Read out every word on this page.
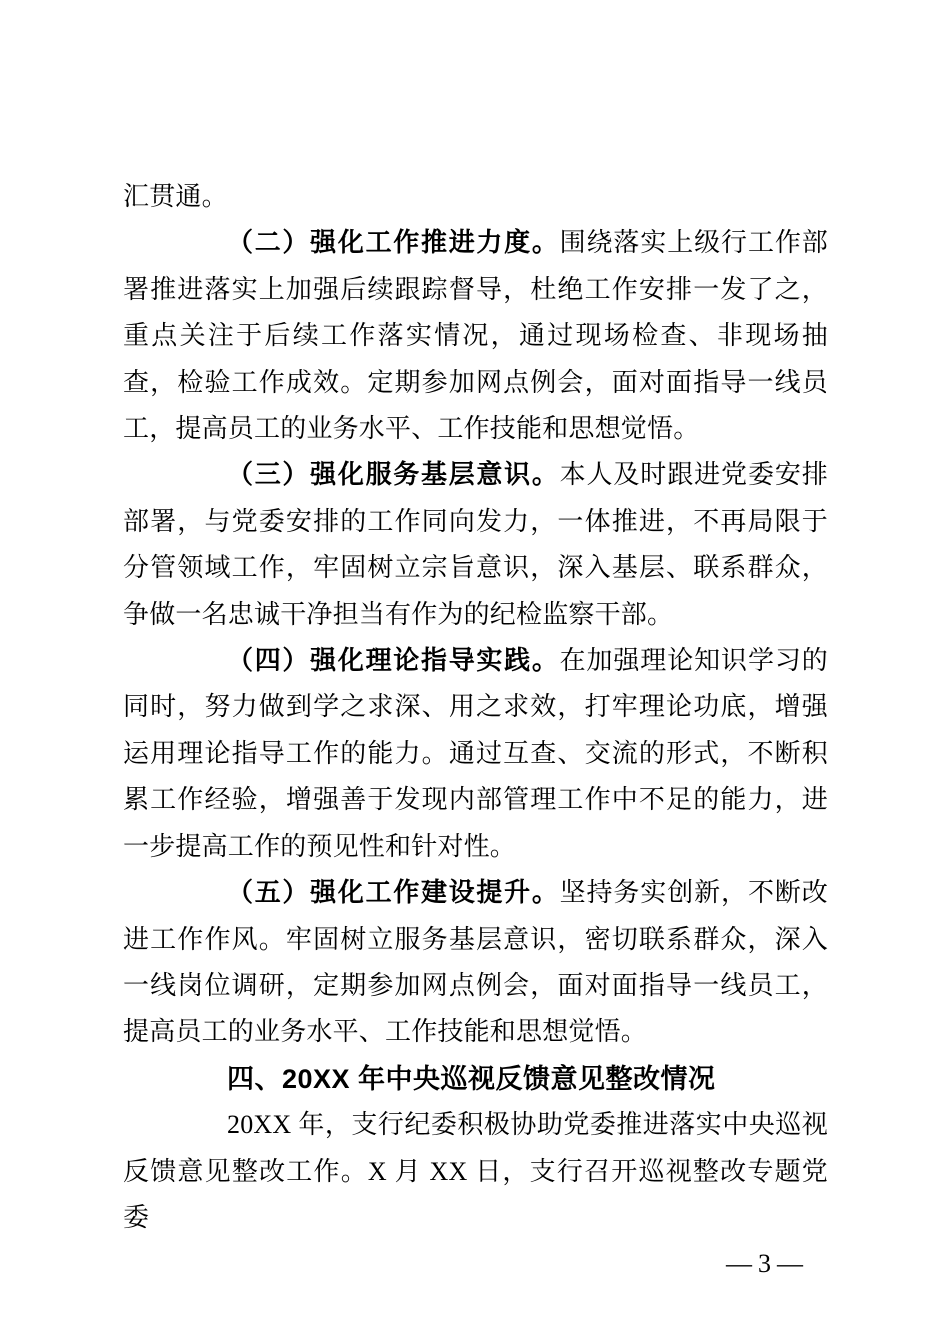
汇贯通。

（二）强化工作推进力度。围绕落实上级行工作部署推进落实上加强后续跟踪督导，杜绝工作安排一发了之，重点关注于后续工作落实情况，通过现场检查、非现场抽查，检验工作成效。定期参加网点例会，面对面指导一线员工，提高员工的业务水平、工作技能和思想觉悟。

（三）强化服务基层意识。本人及时跟进党委安排部署，与党委安排的工作同向发力，一体推进，不再局限于分管领域工作，牢固树立宗旨意识，深入基层、联系群众，争做一名忠诚干净担当有作为的纪检监察干部。

（四）强化理论指导实践。在加强理论知识学习的同时，努力做到学之求深、用之求效，打牢理论功底，增强运用理论指导工作的能力。通过互查、交流的形式，不断积累工作经验，增强善于发现内部管理工作中不足的能力，进一步提高工作的预见性和针对性。

（五）强化工作建设提升。坚持务实创新，不断改进工作作风。牢固树立服务基层意识，密切联系群众，深入一线岗位调研，定期参加网点例会，面对面指导一线员工，提高员工的业务水平、工作技能和思想觉悟。

四、20XX 年中央巡视反馈意见整改情况

20XX 年，支行纪委积极协助党委推进落实中央巡视反馈意见整改工作。X 月 XX 日，支行召开巡视整改专题党委

—3—
